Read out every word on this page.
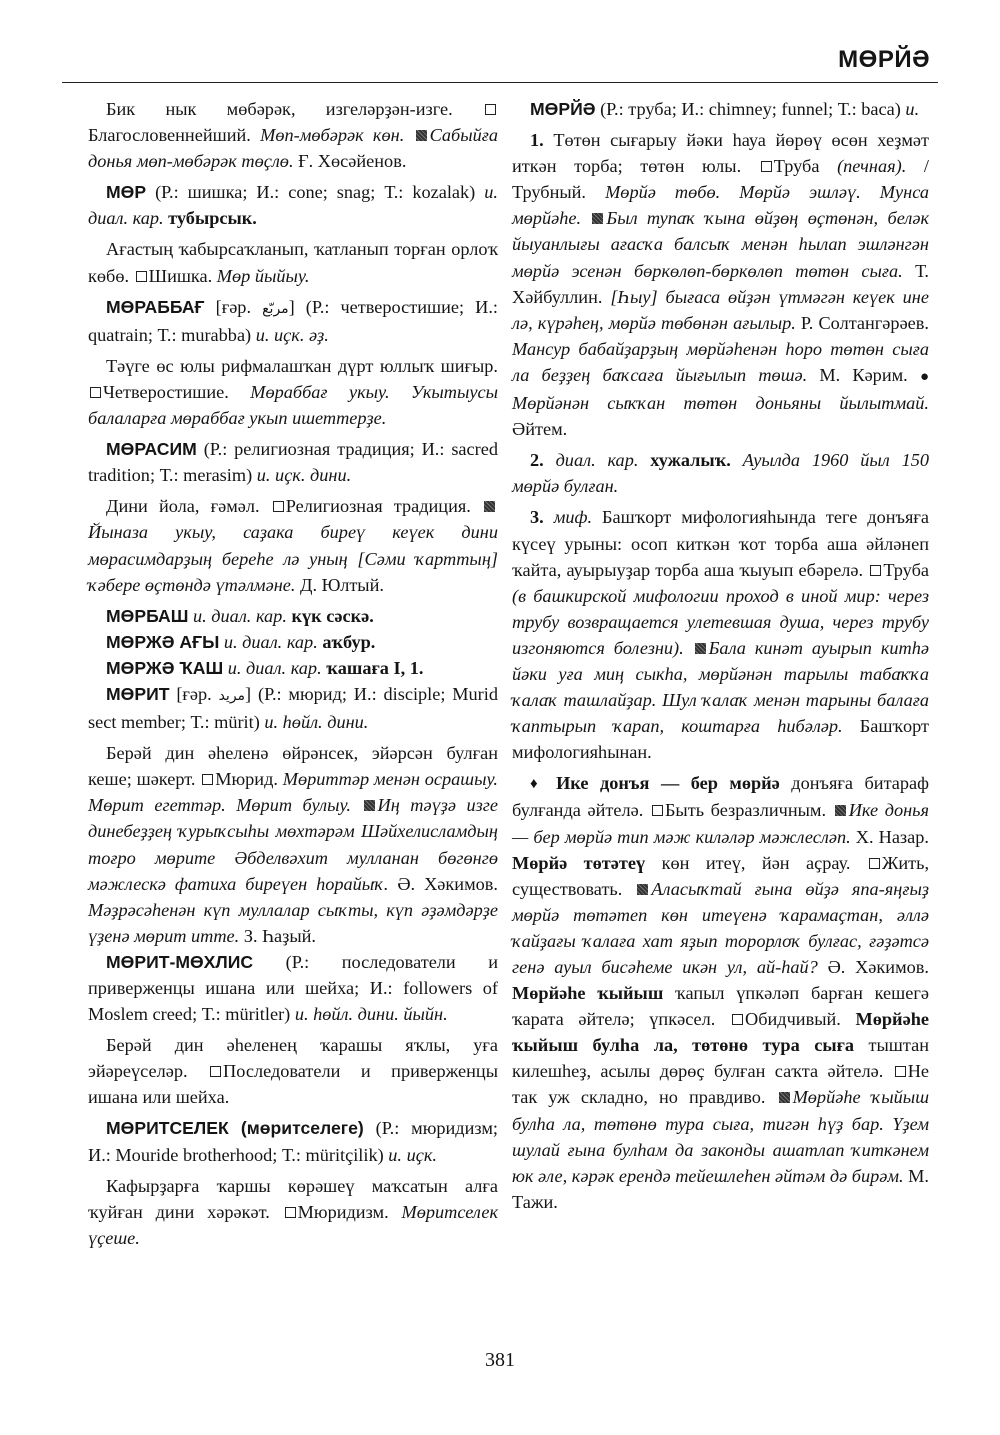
МӨРЙӘ

Бик нык мөбәрәк, изгеләрҙән-изге. Благословеннейший. Мөп-мөбәрәк көн. Сабыйға донья мөп-мөбәрәк төҫлө. Ғ. Хөсәйенов.

МӨР (Р.: шишка; И.: cone; snag; Т.: kozalak) и. диал. кар. тубырсык.

Ағастың ҡабырсаҡланып, ҡатланып торған орлоҡ көбө. Шишка. Мөр йыйыу.

МӨРАББАҒ [ғәр. مربّع] (Р.: четверостишие; И.: quatrain; Т.: murabba) и. иҫк. әҙ.

Тәүге өс юлы рифмалашҡан дүрт юллыҡ шиғыр. Четверостишие. Мөраббағ укыу. Укытыусы балаларға мөраббағ укып ишеттерҙе.

МӨРАСИМ (Р.: религиозная традиция; И.: sacred tradition; Т.: merasim) и. иҫк. дини.

Дини йола, ғәмәл. Религиозная традиция. Йыназа укыу, саҙака биреү кеүек дини мөрасимдарҙың береһе лә уның [Сәми ҡарттың] ҡәбере өҫтөндә үтәлмәне. Д. Юлтый.

МӨРБАШ и. диал. кар. күк сәскә.

МӨРЖӘ АҒЫ и. диал. кар. аҡбур.

МӨРЖӘ ҠАШ и. диал. кар. ҡашаға I, 1.

МӨРИТ [ғәр. مريد] (Р.: мюрид; И.: disciple; Murid sect member; Т.: mürit) и. һөйл. дини.

Берәй дин әһеленә өйрәнсек, эйәрсән булған кеше; шәкерт. Мюрид. Мөриттәр менән осрашыу. Мөрит егеттәр. Мөрит булыу. Иң тәүҙә изге динебеҙҙең ҡурыҡсыһы мөхтәрәм Шәйхелисламдың тоғро мөрите Әбделвәхит мулланан бөгөнгө мәжлескә фатиха биреүен һорайыҡ. Ә. Хәкимов. Мәҙрәсәһенән күп муллалар сыҡты, күп әҙәмдәрҙе үҙенә мөрит итте. З. Һаҙый.

МӨРИТ-МӨХЛИС (Р.: последователи и приверженцы ишана или шейха; И.: followers of Moslem creed; Т.: müritler) и. һөйл. дини. йыйн.

Берәй дин әһеленең ҡарашы яҡлы, уға эйәреүселәр. Последователи и приверженцы ишана или шейха.

МӨРИТСЕЛЕК (мөритселеге) (Р.: мюридизм; И.: Mouride brotherhood; Т.: müritçilik) и. иҫк.

Кафырҙарға ҡаршы көрәшеү маҡсатын алға ҡуйған дини хәрәкәт. Мюридизм. Мөритселек үҫеше.

МӨРЙӘ (Р.: труба; И.: chimney; funnel; Т.: baca) и.

1. Төтөн сығарыу йәки һауа йөрөү өсөн хеҙмәт иткән торба; төтөн юлы. Труба (печная). / Трубный. Мөрйә төбө. Мөрйә эшләү. Мунса мөрйәһе. Был тупаҡ ҡына өйҙөң өҫтөнән, беләк йыуанлығы ағасҡа балсыҡ менән һылап эшләнгән мөрйә эсенән бөркөлөп-бөркөлөп төтөн сыға. Т. Хәйбуллин. [Һыу] бығаса өйҙән үтмәгән кеүек ине лә, күрәһең, мөрйә төбөнән ағылыр. Р. Солтангәрәев. Мансур бабайҙарҙың мөрйәһенән һоро төтөн сыға ла беҙҙең баҡсаға йығылып төшә. М. Кәрим. ● Мөрйәнән сыҡҡан төтөн доньяны йылытмай. Әйтем.

2. диал. кар. хужалыҡ. Ауылда 1960 йыл 150 мөрйә булған.

3. миф. Башҡорт мифологияһында теге донъяға күсеү урыны: осоп киткән ҡот торба аша әйләнеп ҡайта, ауырыуҙар торба аша ҡыуып ебәрелә. Труба (в башкирской мифологии проход в иной мир: через трубу возвращается улетевшая душа, через трубу изгоняются болезни). Бала кинәт ауырып китһә йәки уға миң сыкһа, мөрйәнән тарылы табаҡҡа ҡалаҡ ташлайҙар. Шул ҡалаҡ менән тарыны балаға ҡаптырып ҡарап, коштарға һибәләр. Башҡорт мифологияһынан.

♦ Ике донъя — бер мөрйә донъяға битараф булғанда әйтелә. Быть безразличным. Ике донья — бер мөрйә тип мәж киләләр мәжлесләп. Х. Назар. Мөрйә төтәтеү көн итеү, йән аҫрау. Жить, существовать. Аласыҡтай ғына өйҙә япа-яңғыҙ мөрйә төтәтеп көн итеүенә ҡарамаҫтан, әллә ҡайҙағы ҡалаға хат яҙып торорлоҡ булғас, ғәҙәтсә генә ауыл бисәһеме икән ул, ай-һай? Ә. Хәкимов. Мөрйәһе ҡыйыш ҡапыл үпкәләп барған кешегә ҡарата әйтелә; үпкәсел. Обидчивый. Мөрйәһе ҡыйыш булһа ла, төтөнө тура сыға тыштан килешһеҙ, асылы дөрөҫ булған саҡта әйтелә. Не так уж складно, но правдиво. Мөрйәһе ҡыйыш булһа ла, төтөнө тура сыға, тигән һүҙ бар. Үҙем шулай ғына булһам да законды ашатлап ҡиткәнем юк әле, кәрәк ерендә тейешлеһен әйтәм дә бирәм. М. Тажи.

381
